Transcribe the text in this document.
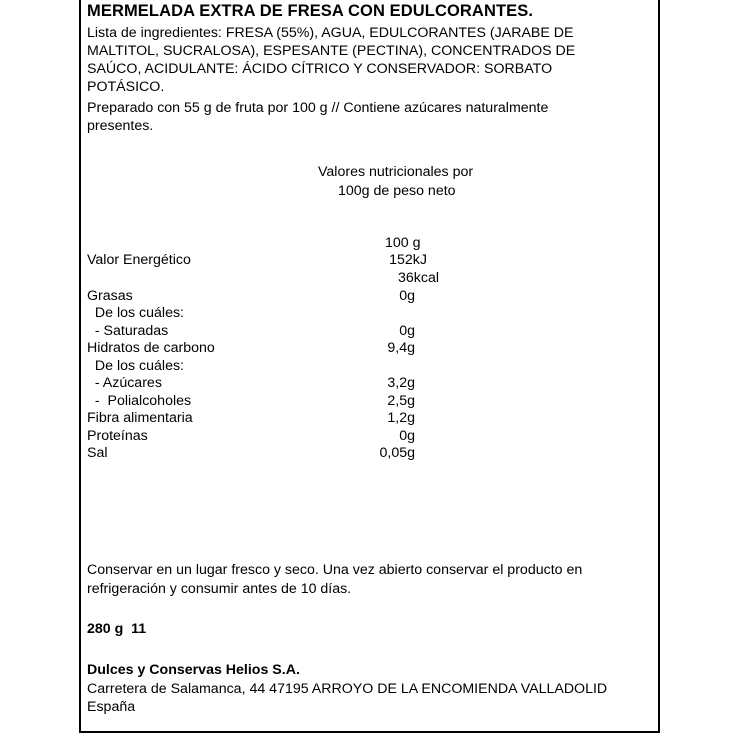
MERMELADA EXTRA DE FRESA CON EDULCORANTES.
Lista de ingredientes: FRESA (55%), AGUA, EDULCORANTES (JARABE DE
MALTITOL, SUCRALOSA), ESPESANTE (PECTINA), CONCENTRADOS DE
SAÚCO, ACIDULANTE: ÁCIDO CÍTRICO Y CONSERVADOR: SORBATO
POTÁSICO.
Preparado con 55 g de fruta por 100 g // Contiene azúcares naturalmente
presentes.
Valores nutricionales por
100g de peso neto
100 g
Valor Energético	152kJ
36kcal
Grasas	0g
De los cuáles:
- Saturadas	0g
Hidratos de carbono	9,4g
De los cuáles:
- Azúcares	3,2g
-  Polialcoholes	2,5g
Fibra alimentaria	1,2g
Proteínas	0g
Sal	0,05g
Conservar en un lugar fresco y seco. Una vez abierto conservar el producto en
refrigeración y consumir antes de 10 días.
280 g  11
Dulces y Conservas Helios S.A.
Carretera de Salamanca, 44 47195 ARROYO DE LA ENCOMIENDA VALLADOLID
España
